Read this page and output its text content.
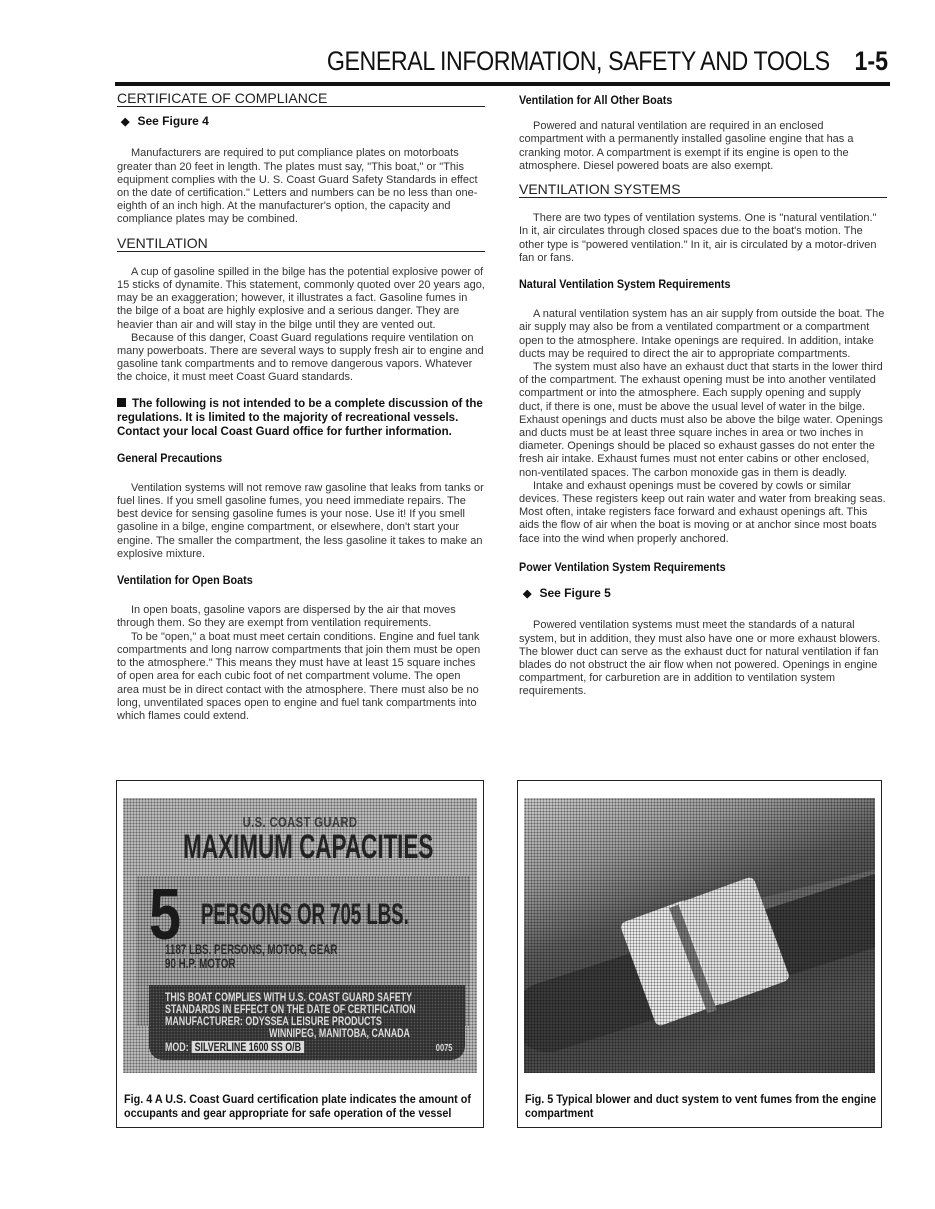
GENERAL INFORMATION, SAFETY AND TOOLS 1-5
CERTIFICATE OF COMPLIANCE
◆ See Figure 4

Manufacturers are required to put compliance plates on motorboats greater than 20 feet in length. The plates must say, "This boat," or "This equipment complies with the U. S. Coast Guard Safety Standards in effect on the date of certification." Letters and numbers can be no less than one-eighth of an inch high. At the manufacturer's option, the capacity and compliance plates may be combined.

VENTILATION

A cup of gasoline spilled in the bilge has the potential explosive power of 15 sticks of dynamite. This statement, commonly quoted over 20 years ago, may be an exaggeration; however, it illustrates a fact. Gasoline fumes in the bilge of a boat are highly explosive and a serious danger. They are heavier than air and will stay in the bilge until they are vented out.

Because of this danger, Coast Guard regulations require ventilation on many powerboats. There are several ways to supply fresh air to engine and gasoline tank compartments and to remove dangerous vapors. Whatever the choice, it must meet Coast Guard standards.

The following is not intended to be a complete discussion of the regulations. It is limited to the majority of recreational vessels. Contact your local Coast Guard office for further information.
General Precautions

Ventilation systems will not remove raw gasoline that leaks from tanks or fuel lines. If you smell gasoline fumes, you need immediate repairs. The best device for sensing gasoline fumes is your nose. Use it! If you smell gasoline in a bilge, engine compartment, or elsewhere, don't start your engine. The smaller the compartment, the less gasoline it takes to make an explosive mixture.

Ventilation for Open Boats

In open boats, gasoline vapors are dispersed by the air that moves through them. So they are exempt from ventilation requirements.

To be "open," a boat must meet certain conditions. Engine and fuel tank compartments and long narrow compartments that join them must be open to the atmosphere." This means they must have at least 15 square inches of open area for each cubic foot of net compartment volume. The open area must be in direct contact with the atmosphere. There must also be no long, unventilated spaces open to engine and fuel tank compartments into which flames could extend.

Ventilation for All Other Boats

Powered and natural ventilation are required in an enclosed compartment with a permanently installed gasoline engine that has a cranking motor. A compartment is exempt if its engine is open to the atmosphere. Diesel powered boats are also exempt.

VENTILATION SYSTEMS

There are two types of ventilation systems. One is "natural ventilation." In it, air circulates through closed spaces due to the boat's motion. The other type is "powered ventilation." In it, air is circulated by a motor-driven fan or fans.

Natural Ventilation System Requirements

A natural ventilation system has an air supply from outside the boat. The air supply may also be from a ventilated compartment or a compartment open to the atmosphere. Intake openings are required. In addition, intake ducts may be required to direct the air to appropriate compartments.

The system must also have an exhaust duct that starts in the lower third of the compartment. The exhaust opening must be into another ventilated compartment or into the atmosphere. Each supply opening and supply duct, if there is one, must be above the usual level of water in the bilge. Exhaust openings and ducts must also be above the bilge water. Openings and ducts must be at least three square inches in area or two inches in diameter. Openings should be placed so exhaust gasses do not enter the fresh air intake. Exhaust fumes must not enter cabins or other enclosed, non-ventilated spaces. The carbon monoxide gas in them is deadly.

Intake and exhaust openings must be covered by cowls or similar devices. These registers keep out rain water and water from breaking seas. Most often, intake registers face forward and exhaust openings aft. This aids the flow of air when the boat is moving or at anchor since most boats face into the wind when properly anchored.

Power Ventilation System Requirements
◆ See Figure 5

Powered ventilation systems must meet the standards of a natural system, but in addition, they must also have one or more exhaust blowers. The blower duct can serve as the exhaust duct for natural ventilation if fan blades do not obstruct the air flow when not powered. Openings in engine compartment, for carburetion are in addition to ventilation system requirements.

U.S. COAST GUARD
MAXIMUM CAPACITIES
5 PERSONS OR 705 LBS.
1187 LBS. PERSONS, MOTOR, GEAR
90 H.P. MOTOR
THIS BOAT COMPLIES WITH U.S. COAST GUARD SAFETY
STANDARDS IN EFFECT ON THE DATE OF CERTIFICATION
MANUFACTURER: ODYSSEA LEISURE PRODUCTS
WINNIPEG, MANITOBA, CANADA
MOD: SILVERLINE 1600 SS O/B	0075
Fig. 4 A U.S. Coast Guard certification plate indicates the amount of occupants and gear appropriate for safe operation of the vessel
Fig. 5 Typical blower and duct system to vent fumes from the engine compartment
